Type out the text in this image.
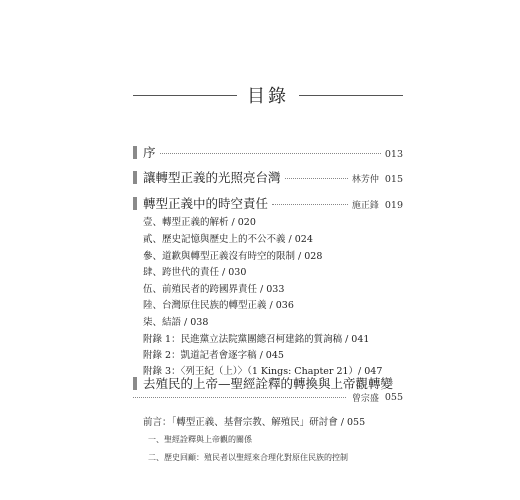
目錄
序	013
讓轉型正義的光照亮台灣	林芳仲 015
轉型正義中的時空責任	施正鋒 019
壹、轉型正義的解析 / 020
貳、歷史記憶與歷史上的不公不義 / 024
參、道歉與轉型正義沒有時空的限制 / 028
肆、跨世代的責任 / 030
伍、前殖民者的跨國界責任 / 033
陸、台灣原住民族的轉型正義 / 036
柒、結語 / 038
附錄 1：民進黨立法院黨團總召柯建銘的質詢稿 / 041
附錄 2：凱道記者會逐字稿 / 045
附錄 3：〈列王紀（上）〉（1 Kings: Chapter 21）/ 047
去殖民的上帝—聖經詮釋的轉換與上帝觀轉變
曾宗盛 055
前言：「轉型正義、基督宗教、解殖民」研討會 / 055
一、聖經詮釋與上帝觀的關係
二、歷史回顧：殖民者以聖經來合理化對原住民族的控制
